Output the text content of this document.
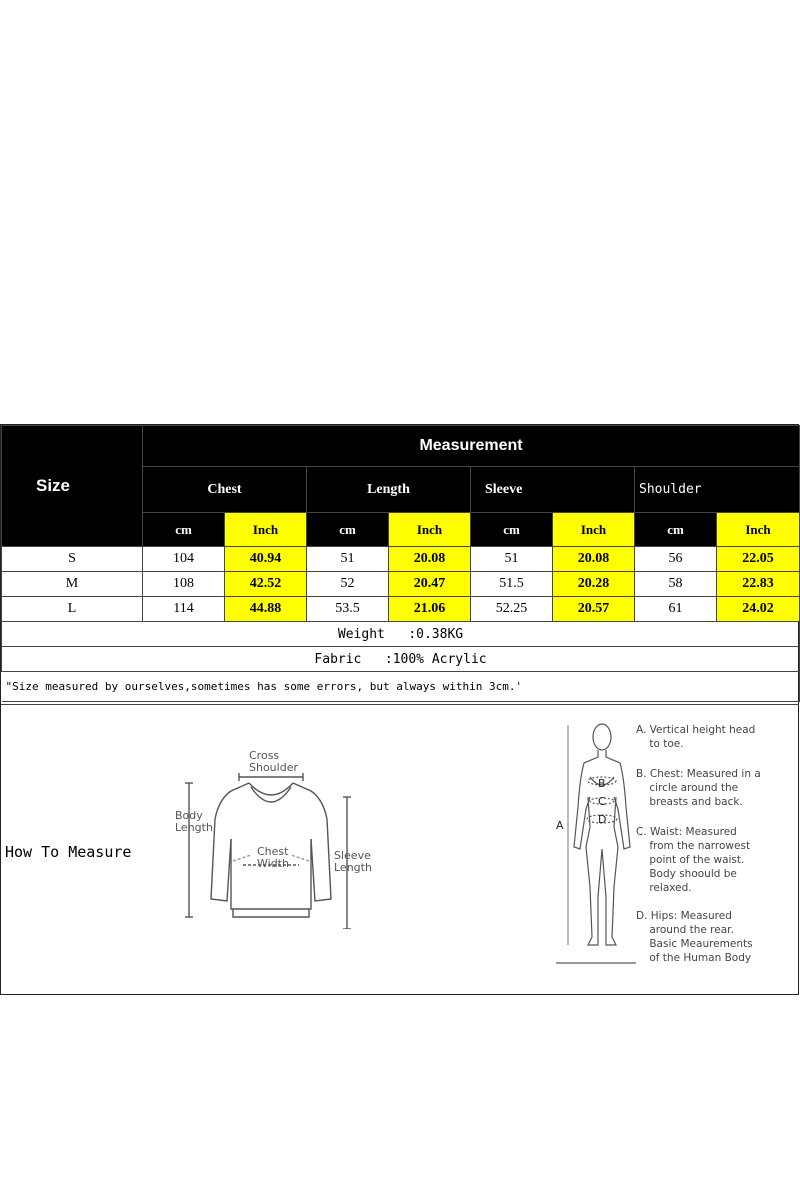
Size	Measurement							
	Chest		Length		Sleeve		Shoulder	
	cm	Inch	cm	Inch	cm	Inch	cm	Inch
S	104	40.94	51	20.08	51	20.08	56	22.05
M	108	42.52	52	20.47	51.5	20.28	58	22.83
L	114	44.88	53.5	21.06	52.25	20.57	61	24.02
Weight   :0.38KG								
Fabric   :100% Acrylic								
"Size measured by ourselves,sometimes has some errors, but always within 3cm.'								
How To Measure
Cross
Shoulder
Body
Length
Chest
Width
Sleeve
Length
B
C
D
A
A. Vertical height head
to toe.
B. Chest: Measured in a
circle around the
breasts and back.
C. Waist: Measured
from the narrowest
point of the waist.
Body shoould be
relaxed.
D. Hips: Measured
around the rear.
Basic Meaurements
of the Human Body
